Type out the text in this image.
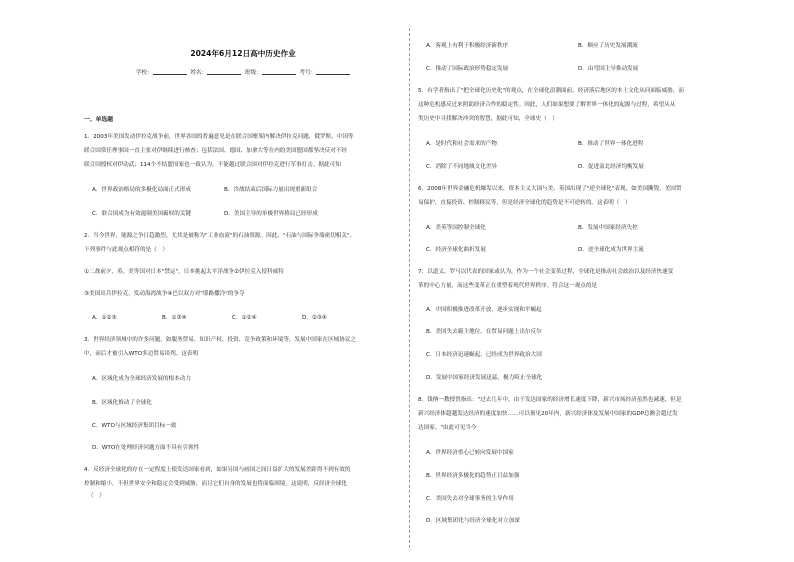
2024年6月12日高中历史作业
学校：	姓名：	班级：	考号：
一、单选题
1．2003年美国发动伊拉克战争前，世界各国的普遍意见是在联合国框架内解决伊拉克问题，俄罗斯、中国等
联合国常任理事国一直主张对伊继续进行核查；包括法国、德国、加拿大等在内的美国盟国都坚决反对不经
联合国授权对伊动武；114个不结盟国家也一致认为，不能越过联合国对伊拉克进行军事打击。据此可知
A．世界政治格局的多极化局面正式形成	B．冷战结束后国际力量出现重新组合
C．联合国成为有效遏制美国霸权的关键	D．美国主导的单极世界格局已经形成
2．当今世界，能源之争日趋激烈，尤其是被称为"工业血液"的石油资源。因此，"石油与国际争端密切相关"。
下列事件与此观点相符的是（　）
①二战前夕，英、美等国对日本"禁运"，日本挑起太平洋战争②伊拉克入侵科威特
③美国出兵伊拉克，发动海湾战争④巴以双方对"耶路撒冷"的争夺
A．①②③	B．①③④	C．①②④	D．②③④
3．世界经济领域中的许多问题，如服务贸易、知识产权、投资、竞争政策和环境等，发展中国家在区域协议之
中，而后才被引入WTO多边贸易谈判。这表明
A．区域化成为全球经济发展的根本动力
B．区域化推动了全球化
C．WTO与区域经济集团目标一致
D．WTO在处理经济问题方面不具有引领性
4．反经济全球化的存在一定程度上使发达国家看到，如果另国与画国之间日益扩大的发展差距得不到有效的
控制和缩小，不但世界安全和稳定会受到威胁，而且它们自身的发展也将面临困境。这说明，反经济全球化
（　）
A．客观上有利于积极经济新秩序	B．顺应了历史发展潮流
C．推动了国际政治形势稳定发展	D．由弯国主导推动发展
5．有学者指出了"把全球化历史化"的观点，在全球化浪潮面前，经济落后地区的本土文化从问面临威胁，而
这种危机感反过来照助经济合作的稳定性。因此，人们如果想要了解世界一体化的起源与过程，希望从从
类历史中寻找解决冲突的智慧，据此可知，全球史（　）
A．是时代和社会需求的产物	B．推动了世界一体化进程
C．消除了不同地域文化差异	D．促进南北经济均衡发展
6．2008年世界金融危机爆发以来，资本主义大国与美、英国出现了"逆全球化"表现，如美国撕毁，美国贸
易保护、直接投资、控制移民等，但是经济全球化的趋势是不可逆转的。这表明（　）
A．美英等国控制全球化	B．发展中国家经济失控
C．经济全球化曲折发展	D．逆全球化成为世界主流
7．以道义、罗马以代表的国家或认为，作为一个社会变革过程，全球化是推动社会政治以及经济快速变
革的中心力量，而这些变革正在重塑着现代世界秩序。符合这一观点的是
A．中国积极推进改革开放，逐步实现和平崛起
B．美国失去霸主地位，在贸易问题上出尔反尔
C．日本经济迅速崛起，已经成为世界政治大国
D．发展中国家经济发展迅猛，极力阻止全球化
8．钱纳一教授曾指出："过去几年中，由于发达国家的经济增长速度下降，新兴市场经济虽然也减速，但是
新兴经济体超越发达经济的速度加快……可以预见20年内，新兴经济体及发展中国家的GDP总额会超过发
达国家。"由此可见当今
A．世界经济重心已转向发展中国家
B．世界经济多极化的趋势正日益加强
C．美国失去对全球事务的主导作用
D．区域集团化与经济全球化对立加深
